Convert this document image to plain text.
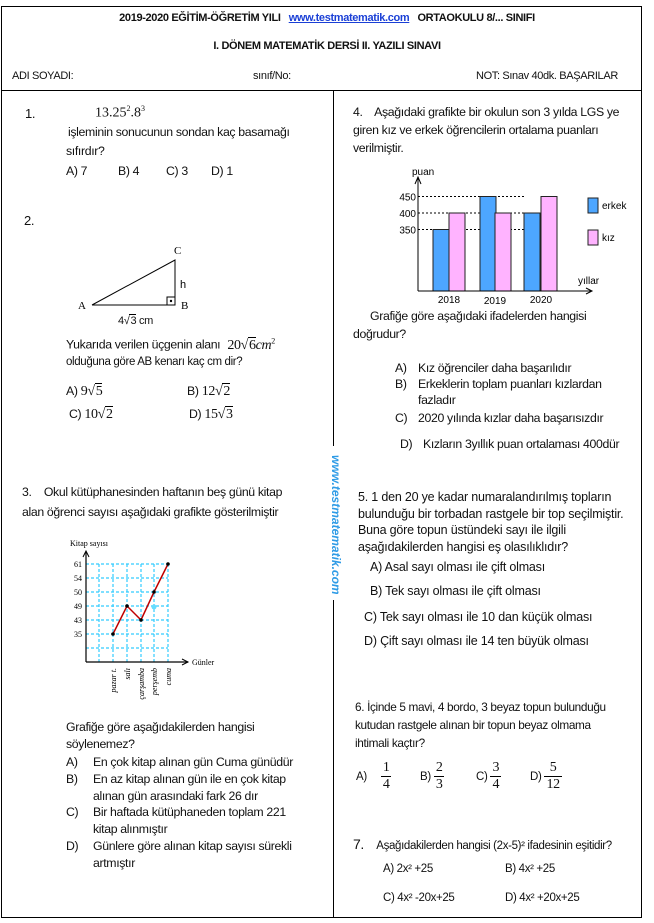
2019-2020 EĞİTİM-ÖĞRETİM YILI www.testmatematik.com ORTAOKULU 8/... SINIFI
I. DÖNEM MATEMATİK DERSİ II. YAZILI SINAVI
ADI SOYADI:	sınıf/No:	NOT: Sınav 40dk. BAŞARILAR
www.testmatematik.com
1.	$13.25^2.8^3$
işleminin sonucunun sondan kaç basamağı
sıfırdır?
A) 7	B) 4 C) 3 D) 1
2.
A	B
C
h
4√3 cm
Yukarıda verilen üçgenin alanı $20√6cm^2$
olduğuna göre AB kenarı kaç cm dir?
A) 9√5	B) 12√2
C) 10√2	D) 15√3
3. Okul kütüphanesinden haftanın beş günü kitap
alan öğrenci sayısı aşağıdaki grafikte gösterilmiştir
61
54
50
49
43
35
Kitap sayısı
Günler
pazar t. salı çarşamba perşemb cuma
Grafiğe göre aşağıdakilerden hangisi
söylenemez?
A) En çok kitap alınan gün Cuma günüdür
B) En az kitap alınan gün ile en çok kitap
alınan gün arasındaki fark 26 dır
C) Bir haftada kütüphaneden toplam 221
kitap alınmıştır
D) Günlere göre alınan kitap sayısı sürekli
artmıştır
4. Aşağıdaki grafikte bir okulun son 3 yılda LGS ye
giren kız ve erkek öğrencilerin ortalama puanları
verilmiştir.
450
400
350
puan
yıllar
2018 2019 2020
erkek
kız
Grafiğe göre aşağıdaki ifadelerden hangisi
doğrudur?
A) Kız öğrenciler daha başarılıdır
B) Erkeklerin toplam puanları kızlardan
fazladır
C) 2020 yılında kızlar daha başarısızdır
D) Kızların 3yıllık puan ortalaması 400dür
5. 1 den 20 ye kadar numaralandırılmış topların
bulunduğu bir torbadan rastgele bir top seçilmiştir.
Buna göre topun üstündeki sayı ile ilgili
aşağıdakilerden hangisi eş olasılıklıdır?
A) Asal sayı olması ile çift olması
B) Tek sayı olması ile çift olması
C) Tek sayı olması ile 10 dan küçük olması
D) Çift sayı olması ile 14 ten büyük olması
6. İçinde 5 mavi, 4 bordo, 3 beyaz topun bulunduğu
kutudan rastgele alınan bir topun beyaz olmama
ihtimali kaçtır?
$A) \frac{1}{4} B) \frac{2}{3}$	$C) \frac{3}{4}$	$D) \frac{5}{12}$
7. Aşağıdakilerden hangisi (2x-5)² ifadesinin eşitidir?
A) 2x² +25	B) 4x² +25
C) 4x² -20x+25	D) 4x² +20x+25
